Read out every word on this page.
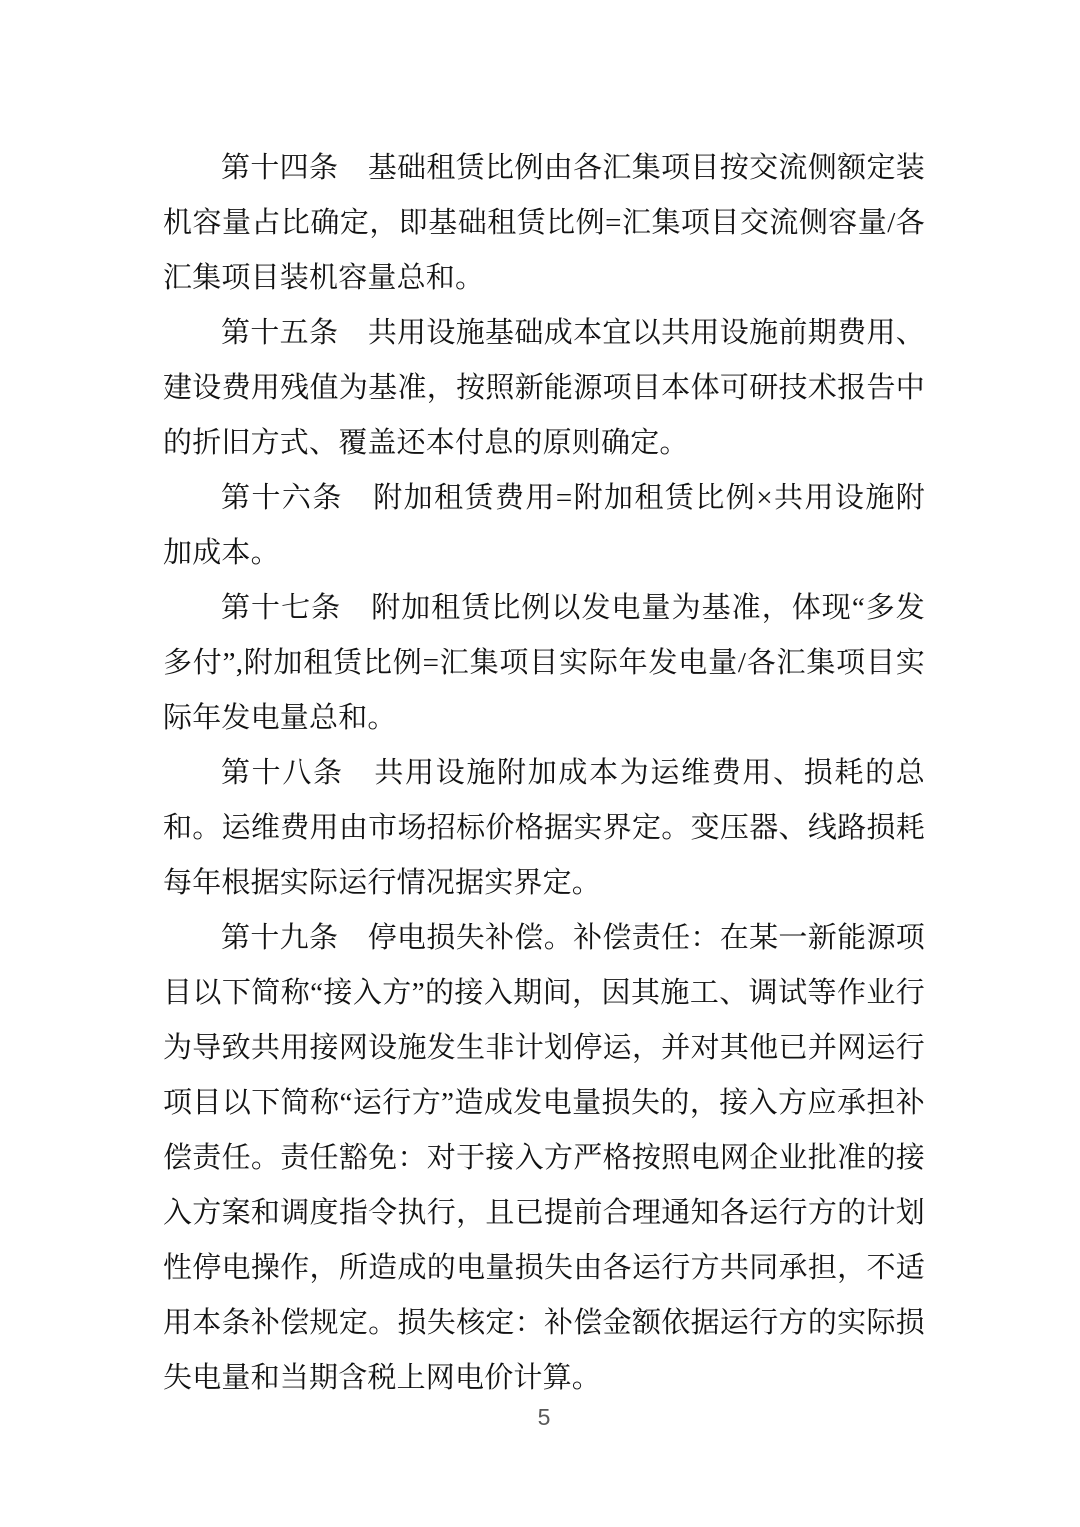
第十四条　基础租赁比例由各汇集项目按交流侧额定装机容量占比确定，即基础租赁比例=汇集项目交流侧容量/各汇集项目装机容量总和。

第十五条　共用设施基础成本宜以共用设施前期费用、建设费用残值为基准，按照新能源项目本体可研技术报告中的折旧方式、覆盖还本付息的原则确定。

第十六条　附加租赁费用=附加租赁比例×共用设施附加成本。

第十七条　附加租赁比例以发电量为基准，体现“多发多付”,附加租赁比例=汇集项目实际年发电量/各汇集项目实际年发电量总和。

第十八条　共用设施附加成本为运维费用、损耗的总和。运维费用由市场招标价格据实界定。变压器、线路损耗每年根据实际运行情况据实界定。

第十九条　停电损失补偿。补偿责任：在某一新能源项目以下简称“接入方”的接入期间，因其施工、调试等作业行为导致共用接网设施发生非计划停运，并对其他已并网运行项目以下简称“运行方”造成发电量损失的，接入方应承担补偿责任。责任豁免：对于接入方严格按照电网企业批准的接入方案和调度指令执行，且已提前合理通知各运行方的计划性停电操作，所造成的电量损失由各运行方共同承担，不适用本条补偿规定。损失核定：补偿金额依据运行方的实际损失电量和当期含税上网电价计算。

5
